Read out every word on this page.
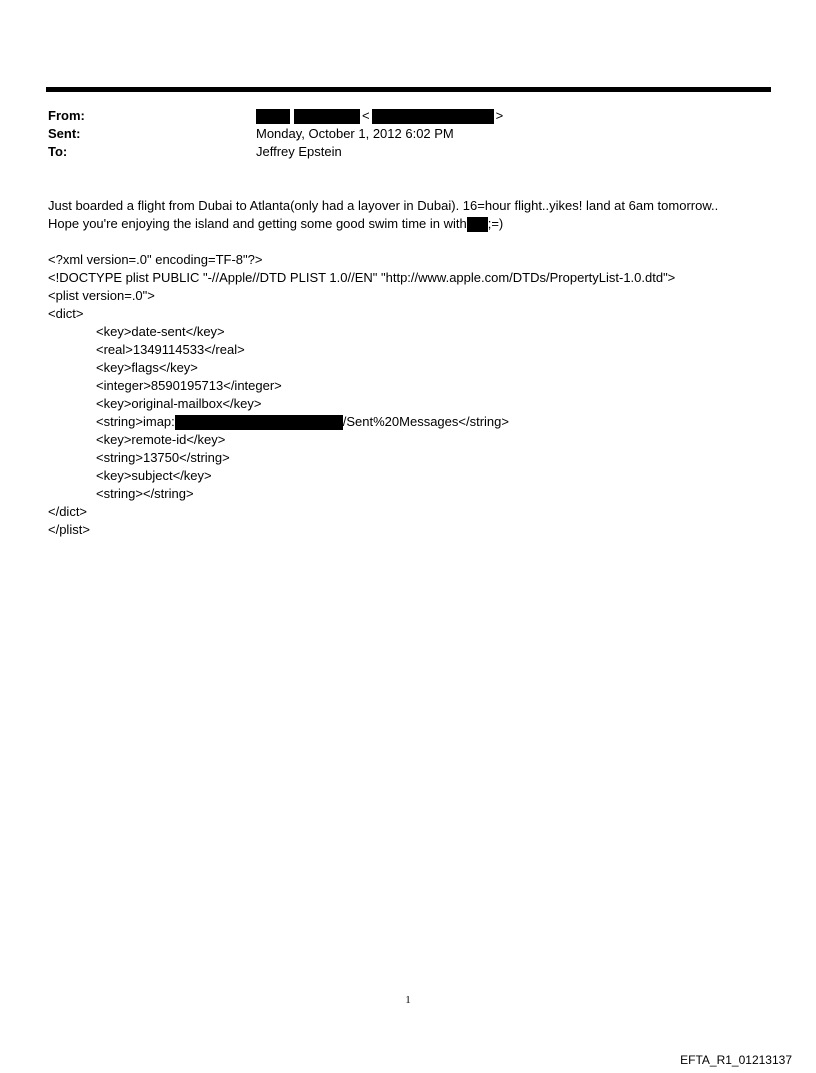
From:	<	>
Sent:	Monday, October 1, 2012 6:02 PM
To:	Jeffrey Epstein
Just boarded a flight from Dubai to Atlanta(only had a layover in Dubai). 16=hour flight..yikes! land at 6am tomorrow..
Hope you're enjoying the island and getting some good swim time in with ;=)
<?xml version=.0" encoding=TF-8"?>
<!DOCTYPE plist PUBLIC "-//Apple//DTD PLIST 1.0//EN" "http://www.apple.com/DTDs/PropertyList-1.0.dtd">
<plist version=.0">
<dict>
<key>date-sent</key>
<real>1349114533</real>
<key>flags</key>
<integer>8590195713</integer>
<key>original-mailbox</key>
<string>imap:	/Sent%20Messages</string>
<key>remote-id</key>
<string>13750</string>
<key>subject</key>
<string></string>
</dict>
</plist>
1
EFTA_R1_01213137
